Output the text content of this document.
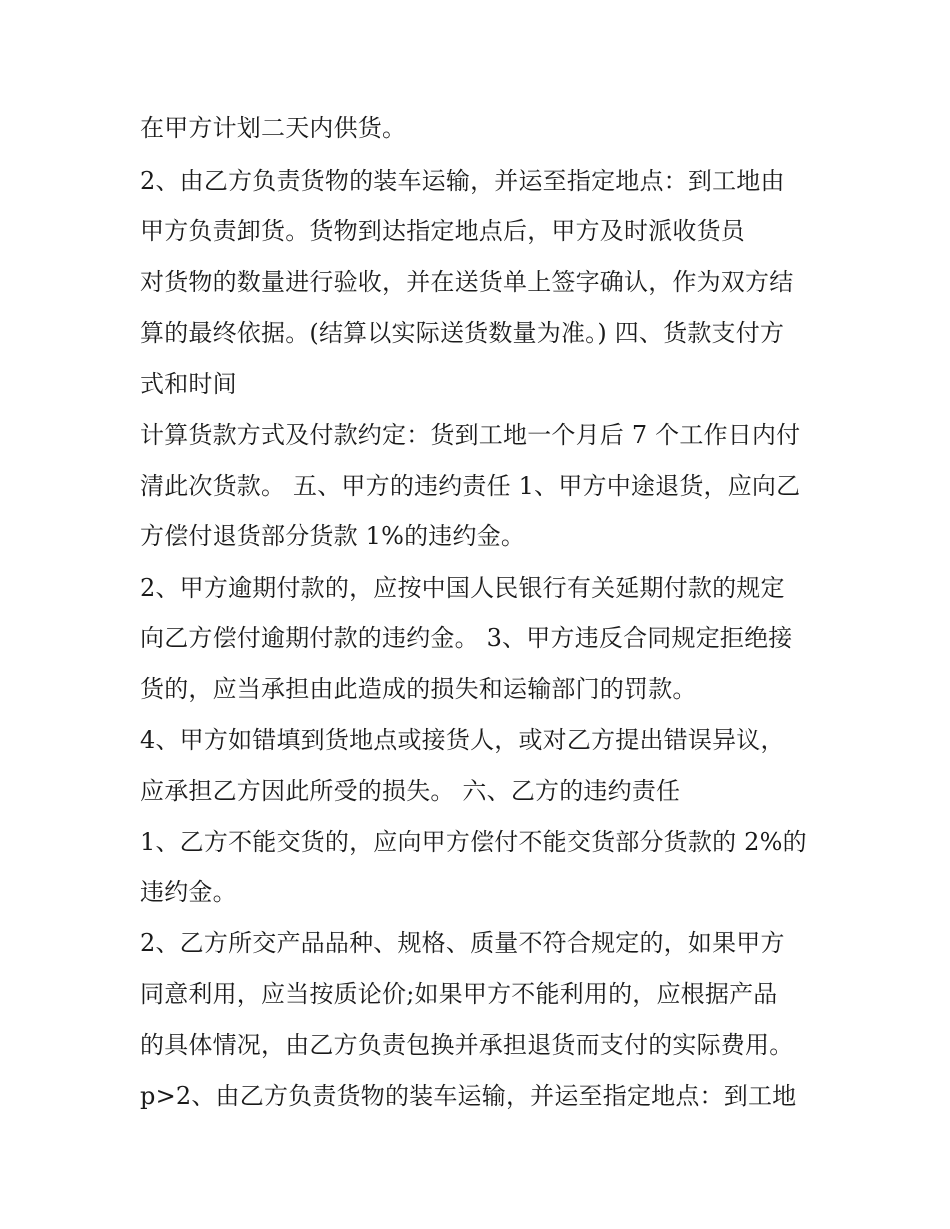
在甲方计划二天内供货。
2、由乙方负责货物的装车运输，并运至指定地点：到工地由
甲方负责卸货。货物到达指定地点后，甲方及时派收货员
对货物的数量进行验收，并在送货单上签字确认，作为双方结
算的最终依据。(结算以实际送货数量为准。) 四、货款支付方
式和时间
计算货款方式及付款约定：货到工地一个月后 7 个工作日内付
清此次货款。 五、甲方的违约责任 1、甲方中途退货，应向乙
方偿付退货部分货款 1%的违约金。
2、甲方逾期付款的，应按中国人民银行有关延期付款的规定
向乙方偿付逾期付款的违约金。 3、甲方违反合同规定拒绝接
货的，应当承担由此造成的损失和运输部门的罚款。
4、甲方如错填到货地点或接货人，或对乙方提出错误异议，
应承担乙方因此所受的损失。 六、乙方的违约责任
1、乙方不能交货的，应向甲方偿付不能交货部分货款的 2%的
违约金。
2、乙方所交产品品种、规格、质量不符合规定的，如果甲方
同意利用，应当按质论价;如果甲方不能利用的，应根据产品
的具体情况，由乙方负责包换并承担退货而支付的实际费用。
p>2、由乙方负责货物的装车运输，并运至指定地点：到工地
